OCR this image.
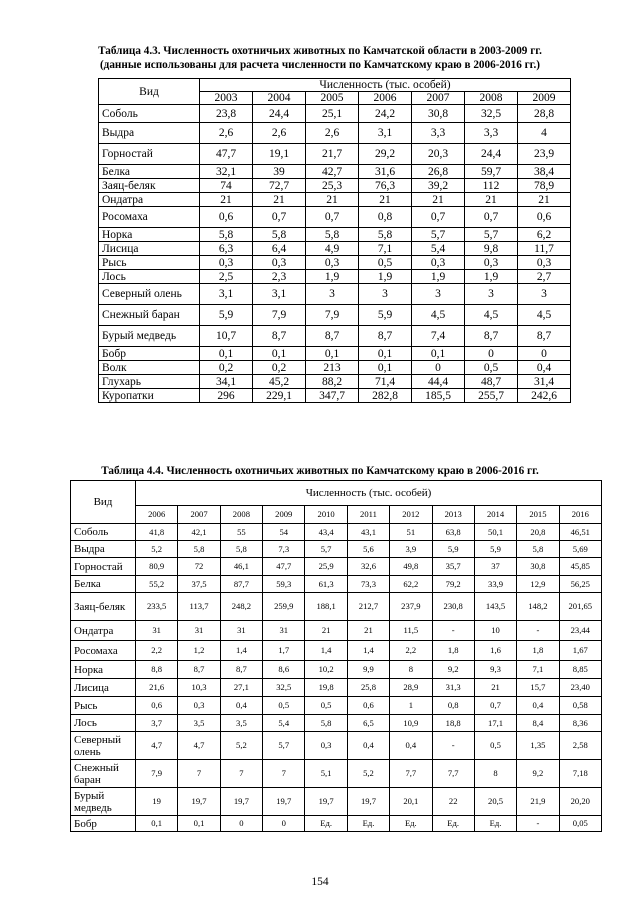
Таблица 4.3. Численность охотничьих животных по Камчатской области в 2003-2009 гг.
(данные использованы для расчета численности по Камчатскому краю в 2006-2016 гг.)
Вид	Численность (тыс. особей)						
	2003	2004	2005	2006	2007	2008	2009
Соболь	23,8	24,4	25,1	24,2	30,8	32,5	28,8
Выдра	2,6	2,6	2,6	3,1	3,3	3,3	4
Горностай	47,7	19,1	21,7	29,2	20,3	24,4	23,9
Белка	32,1	39	42,7	31,6	26,8	59,7	38,4
Заяц-беляк	74	72,7	25,3	76,3	39,2	112	78,9
Ондатра	21	21	21	21	21	21	21
Росомаха	0,6	0,7	0,7	0,8	0,7	0,7	0,6
Норка	5,8	5,8	5,8	5,8	5,7	5,7	6,2
Лисица	6,3	6,4	4,9	7,1	5,4	9,8	11,7
Рысь	0,3	0,3	0,3	0,5	0,3	0,3	0,3
Лось	2,5	2,3	1,9	1,9	1,9	1,9	2,7
Северный олень	3,1	3,1	3	3	3	3	3
Снежный баран	5,9	7,9	7,9	5,9	4,5	4,5	4,5
Бурый медведь	10,7	8,7	8,7	8,7	7,4	8,7	8,7
Бобр	0,1	0,1	0,1	0,1	0,1	0	0
Волк	0,2	0,2	213	0,1	0	0,5	0,4
Глухарь	34,1	45,2	88,2	71,4	44,4	48,7	31,4
Куропатки	296	229,1	347,7	282,8	185,5	255,7	242,6
Таблица 4.4. Численность охотничьих животных по Камчатскому краю в 2006-2016 гг.
Вид	Численность (тыс. особей)										
	2006	2007	2008	2009	2010	2011	2012	2013	2014	2015	2016
Соболь	41,8	42,1	55	54	43,4	43,1	51	63,8	50,1	20,8	46,51
Выдра	5,2	5,8	5,8	7,3	5,7	5,6	3,9	5,9	5,9	5,8	5,69
Горностай	80,9	72	46,1	47,7	25,9	32,6	49,8	35,7	37	30,8	45,85
Белка	55,2	37,5	87,7	59,3	61,3	73,3	62,2	79,2	33,9	12,9	56,25
Заяц-беляк	233,5	113,7	248,2	259,9	188,1	212,7	237,9	230,8	143,5	148,2	201,65
Ондатра	31	31	31	31	21	21	11,5	-	10	-	23,44
Росомаха	2,2	1,2	1,4	1,7	1,4	1,4	2,2	1,8	1,6	1,8	1,67
Норка	8,8	8,7	8,7	8,6	10,2	9,9	8	9,2	9,3	7,1	8,85
Лисица	21,6	10,3	27,1	32,5	19,8	25,8	28,9	31,3	21	15,7	23,40
Рысь	0,6	0,3	0,4	0,5	0,5	0,6	1	0,8	0,7	0,4	0,58
Лось	3,7	3,5	3,5	5,4	5,8	6,5	10,9	18,8	17,1	8,4	8,36
Северный олень	4,7	4,7	5,2	5,7	0,3	0,4	0,4	-	0,5	1,35	2,58
Снежный баран	7,9	7	7	7	5,1	5,2	7,7	7,7	8	9,2	7,18
Бурый медведь	19	19,7	19,7	19,7	19,7	19,7	20,1	22	20,5	21,9	20,20
Бобр	0,1	0,1	0	0	Ед.	Ед.	Ед.	Ед.	Ед.	-	0,05
154
